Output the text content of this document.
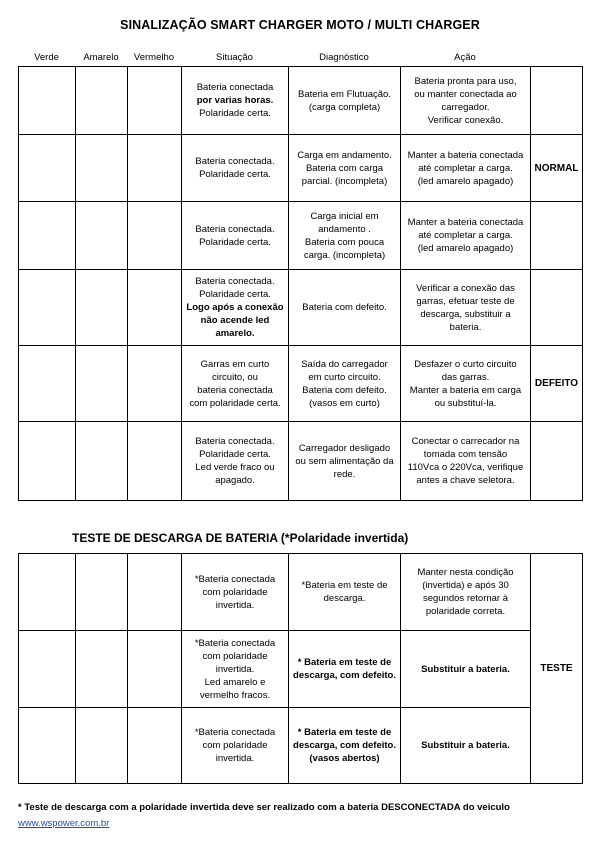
SINALIZAÇÃO SMART CHARGER MOTO / MULTI CHARGER
Verde	Amarelo	Vermelho	Situação	Diagnóstico	Ação

			Bateria conectada
por varias horas.
Polaridade certa.	Bateria em Flutuação.
(carga completa)	Bateria pronta para uso,
ou manter conectada ao
carregador.
Verificar conexão.	

			Bateria conectada.
Polaridade certa.	Carga em andamento.
Bateria com carga
parcial. (incompleta)	Manter a bateria conectada
até completar a carga.
(led amarelo apagado)	NORMAL

			Bateria conectada.
Polaridade certa.	Carga inicial em
andamento .
Bateria com pouca
carga. (incompleta)	Manter a bateria conectada
até completar a carga.
(led amarelo apagado)	

			Bateria conectada.
Polaridade certa.
Logo após a conexão
não acende led
amarelo.	Bateria com defeito.	Verificar a conexão das
garras, efetuar teste de
descarga, substituir a
bateria.	

			Garras em curto
circuito, ou
bateria conectada
com polaridade certa.	Saída do carregador
em curto circuito.
Bateria com defeito.
(vasos em curto)	Desfazer o curto circuito
das garras.
Manter a bateria em carga
ou substituí-la.	DEFEITO

			Bateria conectada.
Polaridade certa.
Led verde fraco ou
apagado.	Carregador desligado
ou sem alimentação da
rede.	Conectar o carrecador na
tomada com tensão
110Vca o 220Vca, verifique
antes a chave seletora.	

TESTE DE DESCARGA DE BATERIA (*Polaridade invertida)

			*Bateria conectada
com polaridade
invertida.	*Bateria em teste de
descarga.	Manter nesta condição
(invertida) e após 30
segundos retornar à
polaridade correta.	TESTE

			*Bateria conectada
com polaridade
invertida.
Led amarelo e
vermelho fracos.	* Bateria em teste de
descarga, com defeito.	Substituir a bateria.	

			*Bateria conectada
com polaridade
invertida.	* Bateria em teste de
descarga, com defeito.
(vasos abertos)	Substituir a bateria.	
* Teste de descarga com a polaridade invertida deve ser realizado com a bateria DESCONECTADA do veiculo
www.wspower.com.br
